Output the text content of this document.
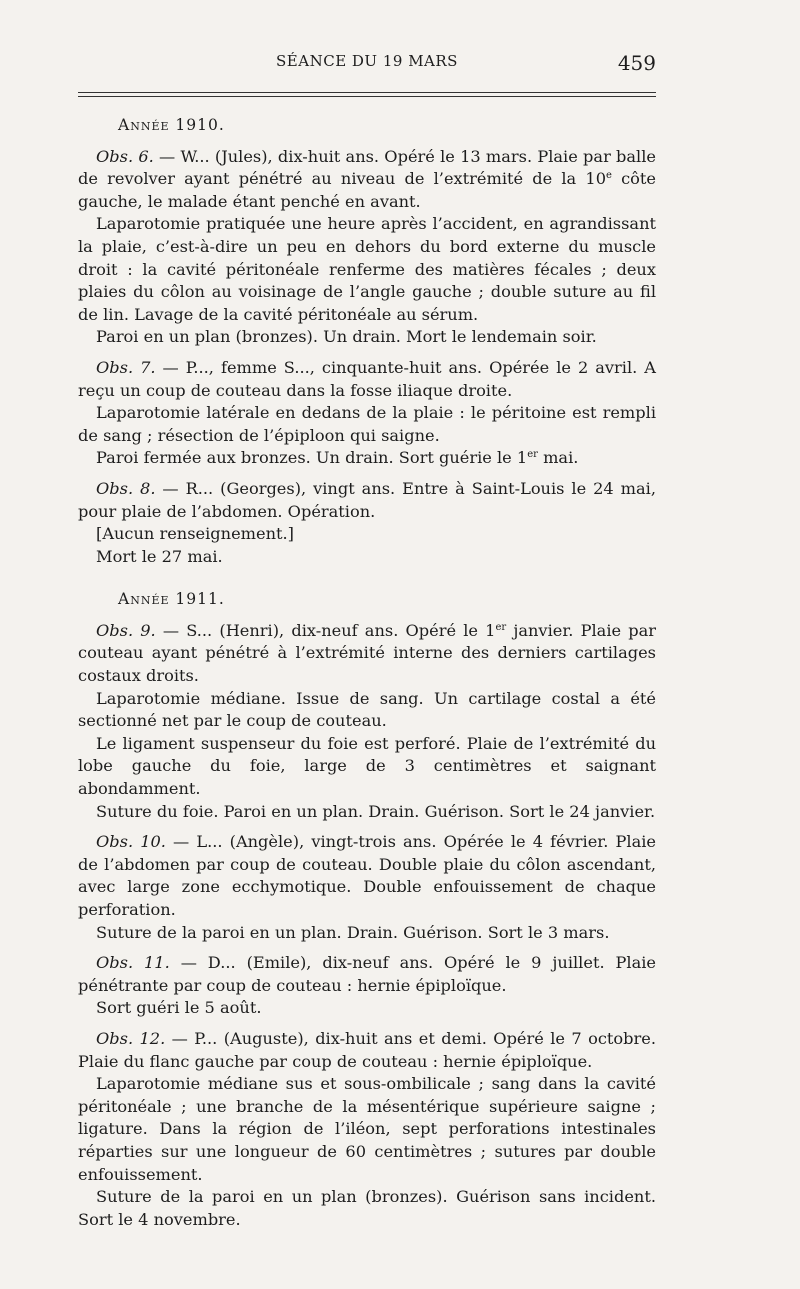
SÉANCE DU 19 MARS	459
Année 1910.

Obs. 6. — W... (Jules), dix-huit ans. Opéré le 13 mars. Plaie par balle de revolver ayant pénétré au niveau de l’extrémité de la 10e côte gauche, le malade étant penché en avant.

Laparotomie pratiquée une heure après l’accident, en agrandissant la plaie, c’est-à-dire un peu en dehors du bord externe du muscle droit : la cavité péritonéale renferme des matières fécales ; deux plaies du côlon au voisinage de l’angle gauche ; double suture au fil de lin. Lavage de la cavité péritonéale au sérum.

Paroi en un plan (bronzes). Un drain. Mort le lendemain soir.

Obs. 7. — P..., femme S..., cinquante-huit ans. Opérée le 2 avril. A reçu un coup de couteau dans la fosse iliaque droite.

Laparotomie latérale en dedans de la plaie : le péritoine est rempli de sang ; résection de l’épiploon qui saigne.

Paroi fermée aux bronzes. Un drain. Sort guérie le 1er mai.

Obs. 8. — R... (Georges), vingt ans. Entre à Saint-Louis le 24 mai, pour plaie de l’abdomen. Opération.

[Aucun renseignement.]

Mort le 27 mai.

Année 1911.

Obs. 9. — S... (Henri), dix-neuf ans. Opéré le 1er janvier. Plaie par couteau ayant pénétré à l’extrémité interne des derniers cartilages costaux droits.

Laparotomie médiane. Issue de sang. Un cartilage costal a été sectionné net par le coup de couteau.

Le ligament suspenseur du foie est perforé. Plaie de l’extrémité du lobe gauche du foie, large de 3 centimètres et saignant abondamment.

Suture du foie. Paroi en un plan. Drain. Guérison. Sort le 24 janvier.

Obs. 10. — L... (Angèle), vingt-trois ans. Opérée le 4 février. Plaie de l’abdomen par coup de couteau. Double plaie du côlon ascendant, avec large zone ecchymotique. Double enfouissement de chaque perforation.

Suture de la paroi en un plan. Drain. Guérison. Sort le 3 mars.

Obs. 11. — D... (Emile), dix-neuf ans. Opéré le 9 juillet. Plaie pénétrante par coup de couteau : hernie épiploïque.

Sort guéri le 5 août.

Obs. 12. — P... (Auguste), dix-huit ans et demi. Opéré le 7 octobre. Plaie du flanc gauche par coup de couteau : hernie épiploïque.

Laparotomie médiane sus et sous-ombilicale ; sang dans la cavité péritonéale ; une branche de la mésentérique supérieure saigne ; ligature. Dans la région de l’iléon, sept perforations intestinales réparties sur une longueur de 60 centimètres ; sutures par double enfouissement.

Suture de la paroi en un plan (bronzes). Guérison sans incident. Sort le 4 novembre.
